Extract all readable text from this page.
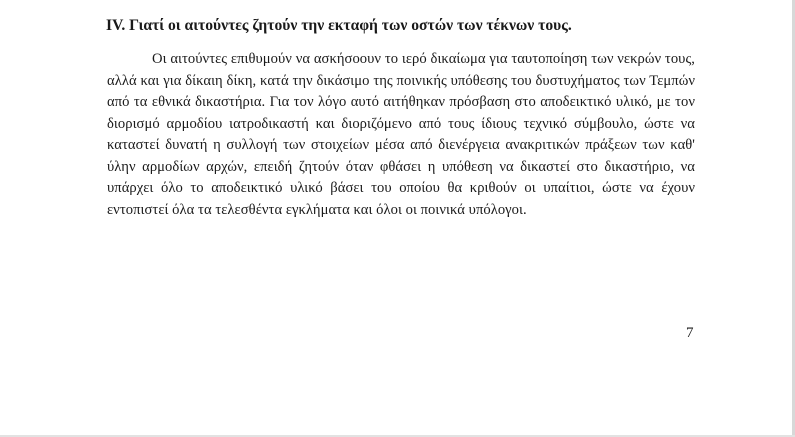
IV. Γιατί οι αιτούντες ζητούν την εκταφή των οστών των τέκνων τους.

Οι αιτούντες επιθυμούν να ασκήσοουν το ιερό δικαίωμα για ταυτοποίηση των νεκρών τους, αλλά και για δίκαιη δίκη, κατά την δικάσιμο της ποινικής υπόθεσης του δυστυχήματος των Τεμπών από τα εθνικά δικαστήρια. Για τον λόγο αυτό αιτήθηκαν πρόσβαση στο αποδεικτικό υλικό, με τον διορισμό αρμοδίου ιατροδικαστή και διοριζόμενο από τους ίδιους τεχνικό σύμβουλο, ώστε να καταστεί δυνατή η συλλογή των στοιχείων μέσα από διενέργεια ανακριτικών πράξεων των καθ' ύλην αρμοδίων αρχών, επειδή ζητούν όταν φθάσει η υπόθεση να δικαστεί στο δικαστήριο, να υπάρχει όλο το αποδεικτικό υλικό βάσει του οποίου θα κριθούν οι υπαίτιοι, ώστε να έχουν εντοπιστεί όλα τα τελεσθέντα εγκλήματα και όλοι οι ποινικά υπόλογοι.

7
